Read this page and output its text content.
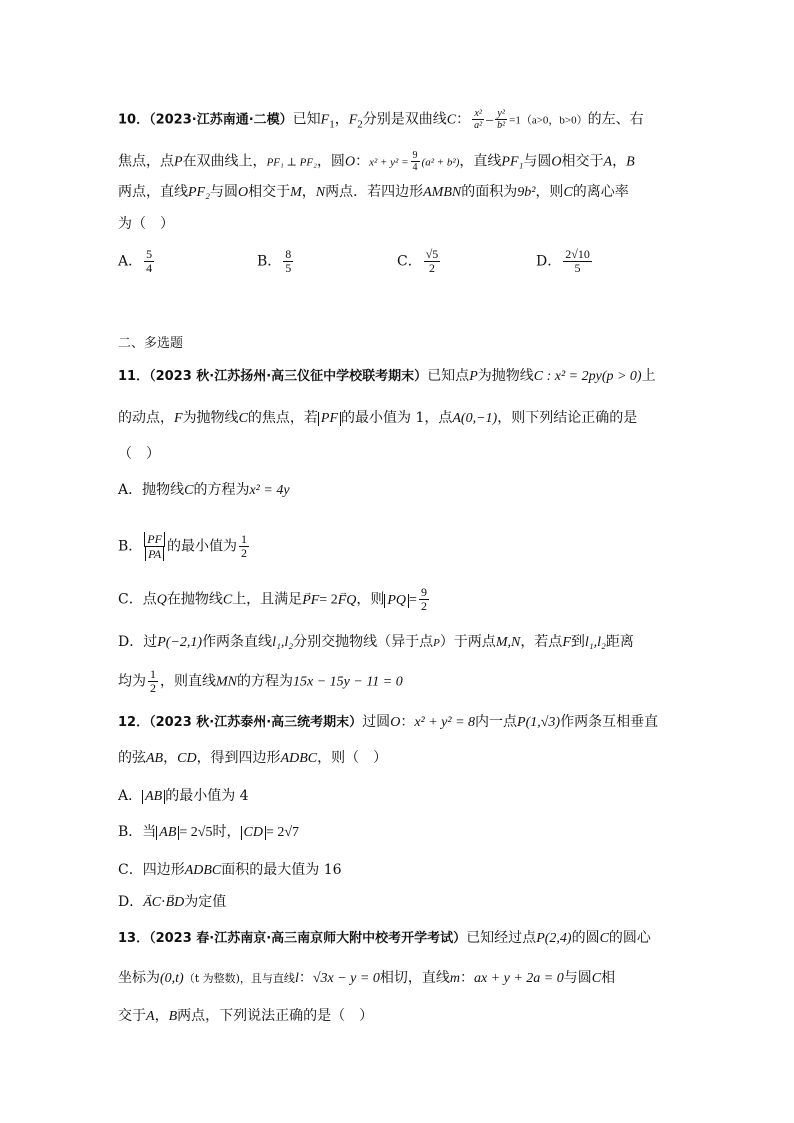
10．（2023·江苏南通·二模）已知$F_1$，$F_2$分别是双曲线C： $\frac{\text{x²}}{\text{a²}} - \frac{\text{y²}}{\text{b²}} =1(a>0$，b>0）的左、右
焦点，点P在双曲线上，PF₁ ⊥ PF₂，圆O：$x^2 + y^2 = \frac{9}{4} (a^2 + b^2)$，直线PF₁与圆O相交于A，B
两点，直线PF₂与圆O相交于M，N两点．若四边形AMBN的面积为9b²，则C的离心率
为（　）
A． $\frac{5}{4}$	B． $\frac{8}{5}$	C． $\frac{√5}{2}$	D． $\frac{2√10}{5}$
二、多选题
11．（2023 秋·江苏扬州·高三仪征中学校联考期末）已知点P为抛物线C : x² = 2py(p > 0)上
的动点，F为抛物线C的焦点，若 PF 的最小值为 1，点A(0,−1)，则下列结论正确的是
（　）
A．抛物线C的方程为x² = 4y
B． $\frac{PF}{PA}$ 的最小值为 $\frac{1}{2}$
C．点Q在抛物线C上，且满足→ PF= 2→ FQ，则 PQ = $\frac{9}{2}$
D．过P(−2,1)作两条直线l₁,l₂分别交抛物线（异于点P）于两点M,N，若点F到l₁,l₂距离
均为 $\frac{1}{2}$ ，则直线MN的方程为15x − 15y − 11 = 0
12．（2023 秋·江苏泰州·高三统考期末）过圆O：x² + y² = 8内一点P(1,√3)作两条互相垂直
的弦AB，CD，得到四边形ADBC，则（　）
A． AB 的最小值为 4
B．当 AB = 2√5时， CD = 2√7
C．四边形ADBC面积的最大值为 16
D．→ AC·→ BD为定值
13．（2023 春·江苏南京·高三南京师大附中校考开学考试）已知经过点P(2,4)的圆C的圆心
坐标为(0,t)（t 为整数)，且与直线l：√3x − y = 0相切，直线m：ax + y + 2a = 0与圆C相
交于A，B两点，下列说法正确的是（　）
